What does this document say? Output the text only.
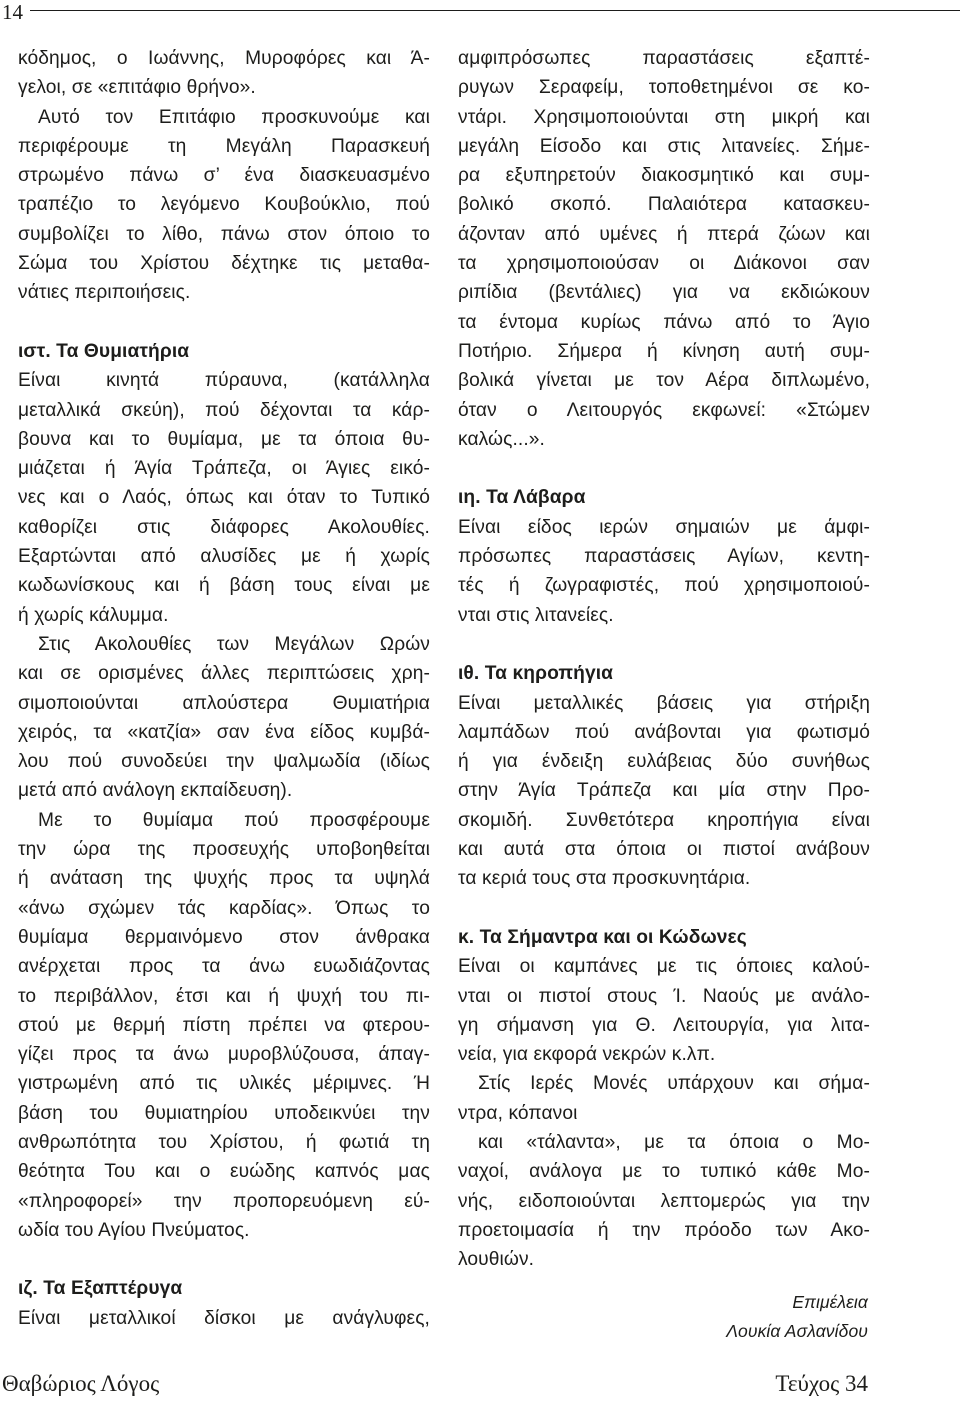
14
κόδημος, ο Ιωάννης, Μυροφόρες και Ά-
γελοι, σε «επιτάφιο θρήνο».
Αυτό τον Επιτάφιο προσκυνούμε και
περιφέρουμε τη Μεγάλη Παρασκευή
στρωμένο πάνω σ’ ένα διασκευασμένο
τραπέζιο το λεγόμενο Κουβούκλιο, πού
συμβολίζει το λίθο, πάνω στον όποιο το
Σώμα του Χρίστου δέχτηκε τις μεταθα-
νάτιες περιποιήσεις.
ιστ. Τα Θυμιατήρια
Είναι κινητά πύραυνα, (κατάλληλα
μεταλλικά σκεύη), πού δέχονται τα κάρ-
βουνα και το θυμίαμα, με τα όποια θυ-
μιάζεται ή Άγία Τράπεζα, οι Άγιες εικό-
νες και ο Λαός, όπως και όταν το Τυπικό
καθορίζει στις διάφορες Ακολουθίες.
Εξαρτώνται από αλυσίδες με ή χωρίς
κωδωνίσκους και ή βάση τους είναι με
ή χωρίς κάλυμμα.
Στις Ακολουθίες των Μεγάλων Ωρών
και σε ορισμένες άλλες περιπτώσεις χρη-
σιμοποιούνται απλούστερα Θυμιατήρια
χειρός, τα «κατζία» σαν ένα είδος κυμβά-
λου πού συνοδεύει την ψαλμωδία (ιδίως
μετά από ανάλογη εκπαίδευση).
Με το θυμίαμα πού προσφέρουμε
την ώρα της προσευχής υποβοηθείται
ή ανάταση της ψυχής προς τα υψηλά
«άνω σχώμεν τάς καρδίας». Όπως το
θυμίαμα θερμαινόμενο στον άνθρακα
ανέρχεται προς τα άνω ευωδιάζοντας
το περιβάλλον, έτσι και ή ψυχή του πι-
στού με θερμή πίστη πρέπει να φτερου-
γίζει προς τα άνω μυροβλύζουσα, άπαγ-
γιστρωμένη από τις υλικές μέριμνες. Ή
βάση του θυμιατηρίου υποδεικνύει την
ανθρωπότητα του Χρίστου, ή φωτιά τη
θεότητα Του και ο ευώδης καπνός μας
«πληροφορεί» την προπορευόμενη εύ-
ωδία του Αγίου Πνεύματος.
ιζ. Τα Εξαπτέρυγα
Είναι μεταλλικοί δίσκοι με ανάγλυφες,
αμφιπρόσωπες παραστάσεις εξαπτέ-
ρυγων Σεραφείμ, τοποθετημένοι σε κο-
ντάρι. Χρησιμοποιούνται στη μικρή και
μεγάλη Είσοδο και στις λιτανείες. Σήμε-
ρα εξυπηρετούν διακοσμητικό και συμ-
βολικό σκοπό. Παλαιότερα κατασκευ-
άζονταν από υμένες ή πτερά ζώων και
τα χρησιμοποιούσαν οι Διάκονοι σαν
ριπίδια (βεντάλιες) για να εκδιώκουν
τα έντομα κυρίως πάνω από το Άγιο
Ποτήριο. Σήμερα ή κίνηση αυτή συμ-
βολικά γίνεται με τον Αέρα διπλωμένο,
όταν ο Λειτουργός εκφωνεί: «Στώμεν
καλώς...».
ιη. Τα Λάβαρα
Είναι είδος ιερών σημαιών με άμφι-
πρόσωπες παραστάσεις Αγίων, κεντη-
τές ή ζωγραφιστές, πού χρησιμοποιού-
νται στις λιτανείες.
ιθ. Τα κηροπήγια
Είναι μεταλλικές βάσεις για στήριξη
λαμπάδων πού ανάβονται για φωτισμό
ή για ένδειξη ευλάβειας δύο συνήθως
στην Άγία Τράπεζα και μία στην Προ-
σκομιδή. Συνθετότερα κηροπήγια είναι
και αυτά στα όποια οι πιστοί ανάβουν
τα κεριά τους στα προσκυνητάρια.
κ. Τα Σήμαντρα και οι Κώδωνες
Είναι οι καμπάνες με τις όποιες καλού-
νται οι πιστοί στους Ί. Ναούς με ανάλο-
γη σήμανση για Θ. Λειτουργία, για λιτα-
νεία, για εκφορά νεκρών κ.λπ.
Στίς Ιερές Μονές υπάρχουν και σήμα-
ντρα, κόπανοι
και «τάλαντα», με τα όποια ο Μο-
ναχοί, ανάλογα με το τυπικό κάθε Μο-
νής, ειδοποιούνται λεπτομερώς για την
προετοιμασία ή την πρόοδο των Ακο-
λουθιών.
Επιμέλεια
Λουκία Ασλανίδου
Θαβώριος Λόγος	Τεύχος 34
